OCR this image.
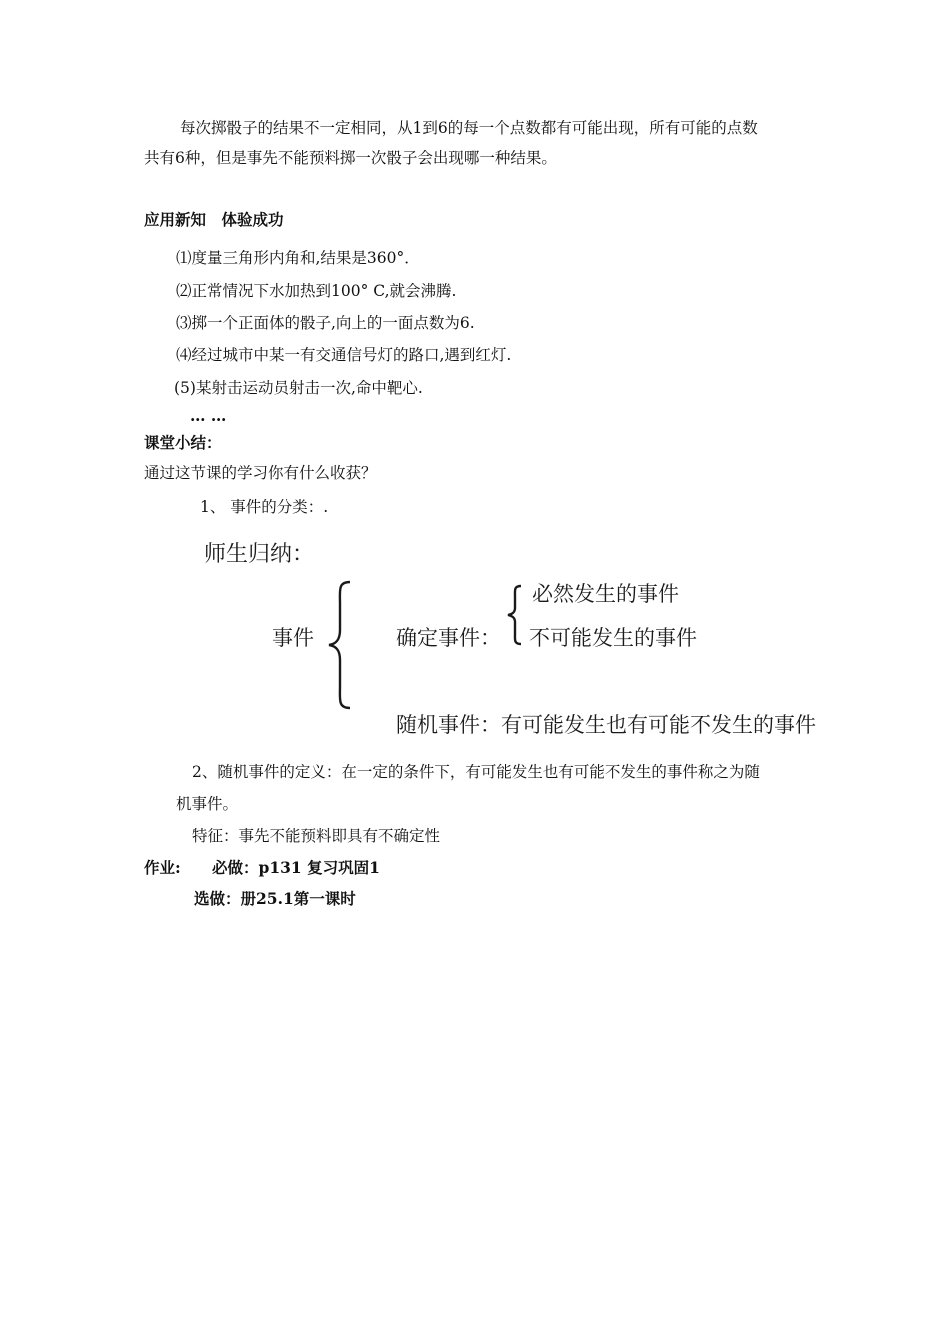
每次掷骰子的结果不一定相同，从1到6的每一个点数都有可能出现，所有可能的点数
共有6种，但是事先不能预料掷一次骰子会出现哪一种结果。
应用新知　体验成功
⑴度量三角形内角和,结果是360°．
⑵正常情况下水加热到100° C,就会沸腾.
⑶掷一个正面体的骰子,向上的一面点数为6.
⑷经过城市中某一有交通信号灯的路口,遇到红灯.
(5)某射击运动员射击一次,命中靶心.
… …
课堂小结：
通过这节课的学习你有什么收获？
1、 事件的分类：.
师生归纳：
事件	确定事件：
必然发生的事件
不可能发生的事件
随机事件：有可能发生也有可能不发生的事件
2、随机事件的定义：在一定的条件下，有可能发生也有可能不发生的事件称之为随
机事件。
特征：事先不能预料即具有不确定性
作业: 必做：p131 复习巩固1
选做：册25.1第一课时
